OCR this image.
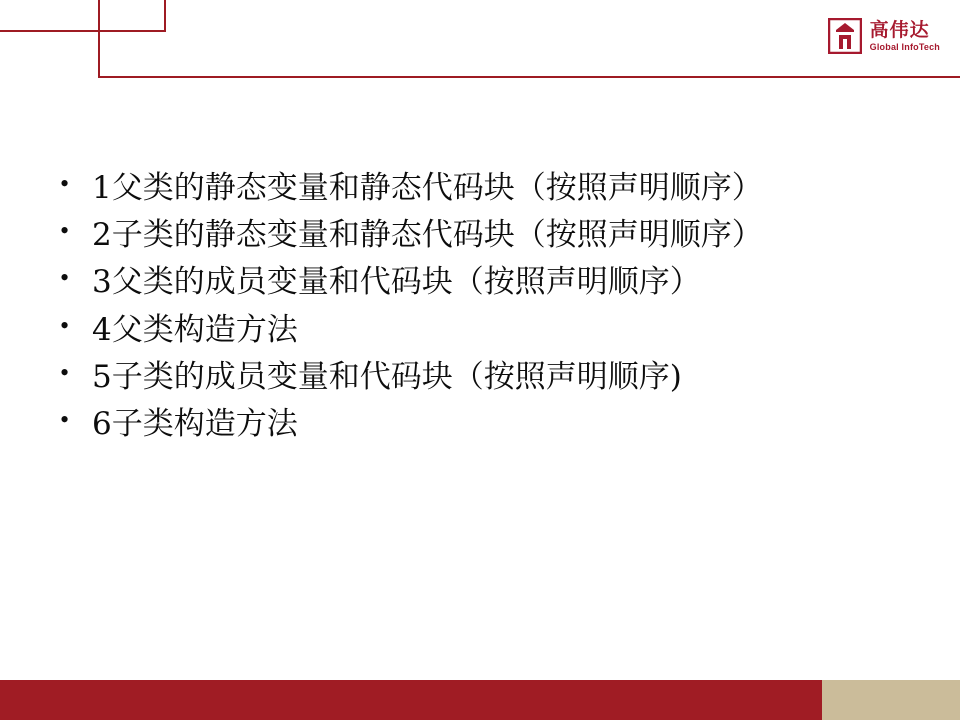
高伟达
Global InfoTech
• 1父类的静态变量和静态代码块（按照声明顺序）
• 2子类的静态变量和静态代码块（按照声明顺序）
• 3父类的成员变量和代码块（按照声明顺序）
• 4父类构造方法
• 5子类的成员变量和代码块（按照声明顺序)
• 6子类构造方法
